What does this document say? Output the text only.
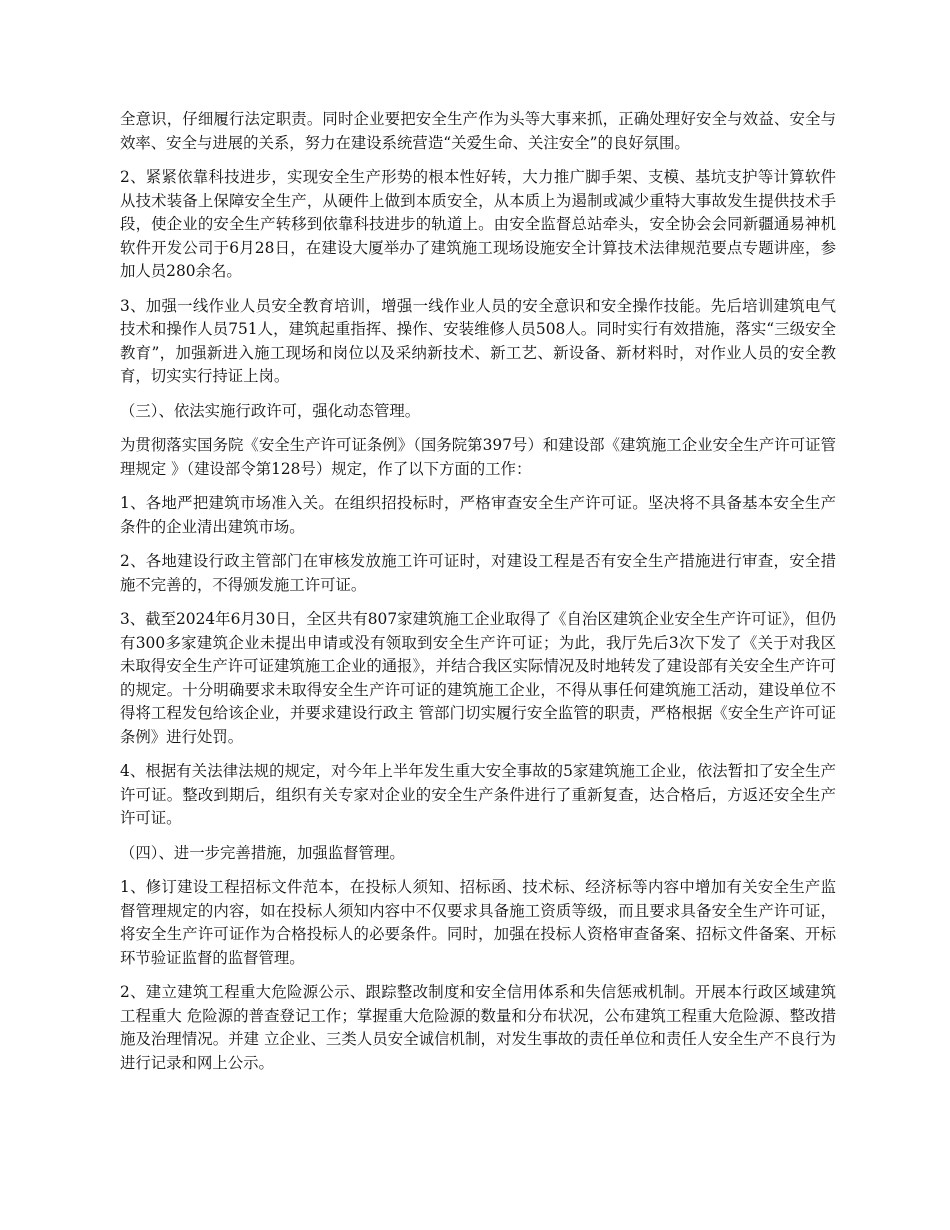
全意识，仔细履行法定职责。同时企业要把安全生产作为头等大事来抓，正确处理好安全与效益、安全与效率、安全与进展的关系，努力在建设系统营造“关爱生命、关注安全”的良好氛围。

2、紧紧依靠科技进步，实现安全生产形势的根本性好转，大力推广脚手架、支模、基坑支护等计算软件从技术装备上保障安全生产，从硬件上做到本质安全，从本质上为遏制或减少重特大事故发生提供技术手段，使企业的安全生产转移到依靠科技进步的轨道上。由安全监督总站牵头，安全协会会同新疆通易神机软件开发公司于6月28日，在建设大厦举办了建筑施工现场设施安全计算技术法律规范要点专题讲座，参加人员280余名。

3、加强一线作业人员安全教育培训，增强一线作业人员的安全意识和安全操作技能。先后培训建筑电气技术和操作人员751人，建筑起重指挥、操作、安装维修人员508人。同时实行有效措施，落实“三级安全教育”，加强新进入施工现场和岗位以及采纳新技术、新工艺、新设备、新材料时，对作业人员的安全教育，切实实行持证上岗。

（三）、依法实施行政许可，强化动态管理。

为贯彻落实国务院《安全生产许可证条例》（国务院第397号）和建设部《建筑施工企业安全生产许可证管理规定 》（建设部令第128号）规定，作了以下方面的工作：

1、各地严把建筑市场准入关。在组织招投标时，严格审查安全生产许可证。坚决将不具备基本安全生产条件的企业清出建筑市场。

2、各地建设行政主管部门在审核发放施工许可证时，对建设工程是否有安全生产措施进行审查，安全措施不完善的，不得颁发施工许可证。

3、截至2024年6月30日，全区共有807家建筑施工企业取得了《自治区建筑企业安全生产许可证》，但仍有300多家建筑企业未提出申请或没有领取到安全生产许可证；为此，我厅先后3次下发了《关于对我区未取得安全生产许可证建筑施工企业的通报》，并结合我区实际情况及时地转发了建设部有关安全生产许可的规定。十分明确要求未取得安全生产许可证的建筑施工企业，不得从事任何建筑施工活动，建设单位不得将工程发包给该企业，并要求建设行政主 管部门切实履行安全监管的职责，严格根据《安全生产许可证条例》进行处罚。

4、根据有关法律法规的规定，对今年上半年发生重大安全事故的5家建筑施工企业，依法暂扣了安全生产许可证。整改到期后，组织有关专家对企业的安全生产条件进行了重新复查，达合格后，方返还安全生产许可证。

（四）、进一步完善措施，加强监督管理。

1、修订建设工程招标文件范本，在投标人须知、招标函、技术标、经济标等内容中增加有关安全生产监督管理规定的内容，如在投标人须知内容中不仅要求具备施工资质等级，而且要求具备安全生产许可证，将安全生产许可证作为合格投标人的必要条件。同时，加强在投标人资格审查备案、招标文件备案、开标环节验证监督的监督管理。

2、建立建筑工程重大危险源公示、跟踪整改制度和安全信用体系和失信惩戒机制。开展本行政区域建筑工程重大 危险源的普查登记工作；掌握重大危险源的数量和分布状况，公布建筑工程重大危险源、整改措施及治理情况。并建 立企业、三类人员安全诚信机制，对发生事故的责任单位和责任人安全生产不良行为进行记录和网上公示。
